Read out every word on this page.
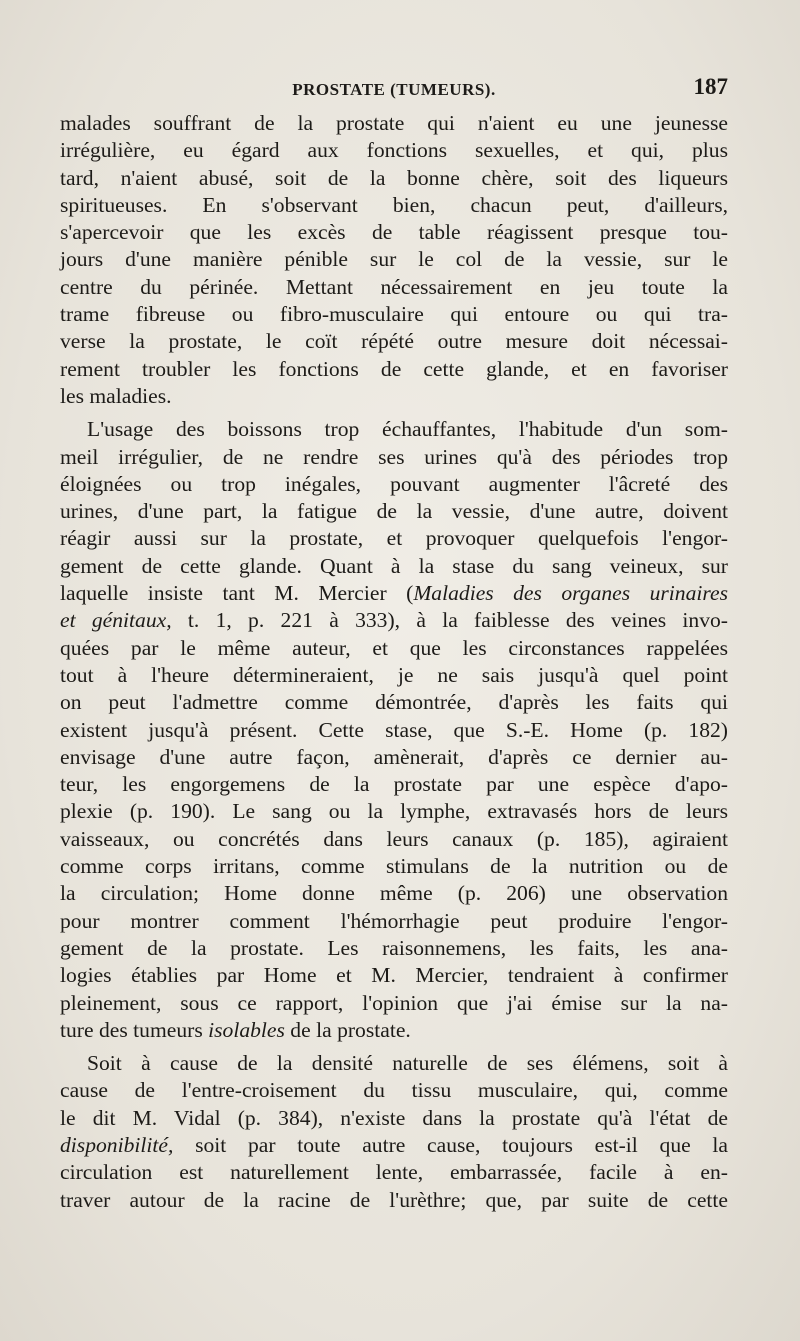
PROSTATE (TUMEURS).	187
malades souffrant de la prostate qui n'aient eu une jeunesse
irrégulière, eu égard aux fonctions sexuelles, et qui, plus
tard, n'aient abusé, soit de la bonne chère, soit des liqueurs
spiritueuses. En s'observant bien, chacun peut, d'ailleurs,
s'apercevoir que les excès de table réagissent presque tou-
jours d'une manière pénible sur le col de la vessie, sur le
centre du périnée. Mettant nécessairement en jeu toute la
trame fibreuse ou fibro-musculaire qui entoure ou qui tra-
verse la prostate, le coït répété outre mesure doit nécessai-
rement troubler les fonctions de cette glande, et en favoriser
les maladies.
L'usage des boissons trop échauffantes, l'habitude d'un som-
meil irrégulier, de ne rendre ses urines qu'à des périodes trop
éloignées ou trop inégales, pouvant augmenter l'âcreté des
urines, d'une part, la fatigue de la vessie, d'une autre, doivent
réagir aussi sur la prostate, et provoquer quelquefois l'engor-
gement de cette glande. Quant à la stase du sang veineux, sur
laquelle insiste tant M. Mercier (Maladies des organes urinaires
et génitaux, t. 1, p. 221 à 333), à la faiblesse des veines invo-
quées par le même auteur, et que les circonstances rappelées
tout à l'heure détermineraient, je ne sais jusqu'à quel point
on peut l'admettre comme démontrée, d'après les faits qui
existent jusqu'à présent. Cette stase, que S.-E. Home (p. 182)
envisage d'une autre façon, amènerait, d'après ce dernier au-
teur, les engorgemens de la prostate par une espèce d'apo-
plexie (p. 190). Le sang ou la lymphe, extravasés hors de leurs
vaisseaux, ou concrétés dans leurs canaux (p. 185), agiraient
comme corps irritans, comme stimulans de la nutrition ou de
la circulation; Home donne même (p. 206) une observation
pour montrer comment l'hémorrhagie peut produire l'engor-
gement de la prostate. Les raisonnemens, les faits, les ana-
logies établies par Home et M. Mercier, tendraient à confirmer
pleinement, sous ce rapport, l'opinion que j'ai émise sur la na-
ture des tumeurs isolables de la prostate.
Soit à cause de la densité naturelle de ses élémens, soit à
cause de l'entre-croisement du tissu musculaire, qui, comme
le dit M. Vidal (p. 384), n'existe dans la prostate qu'à l'état de
disponibilité, soit par toute autre cause, toujours est-il que la
circulation est naturellement lente, embarrassée, facile à en-
traver autour de la racine de l'urèthre; que, par suite de cette
